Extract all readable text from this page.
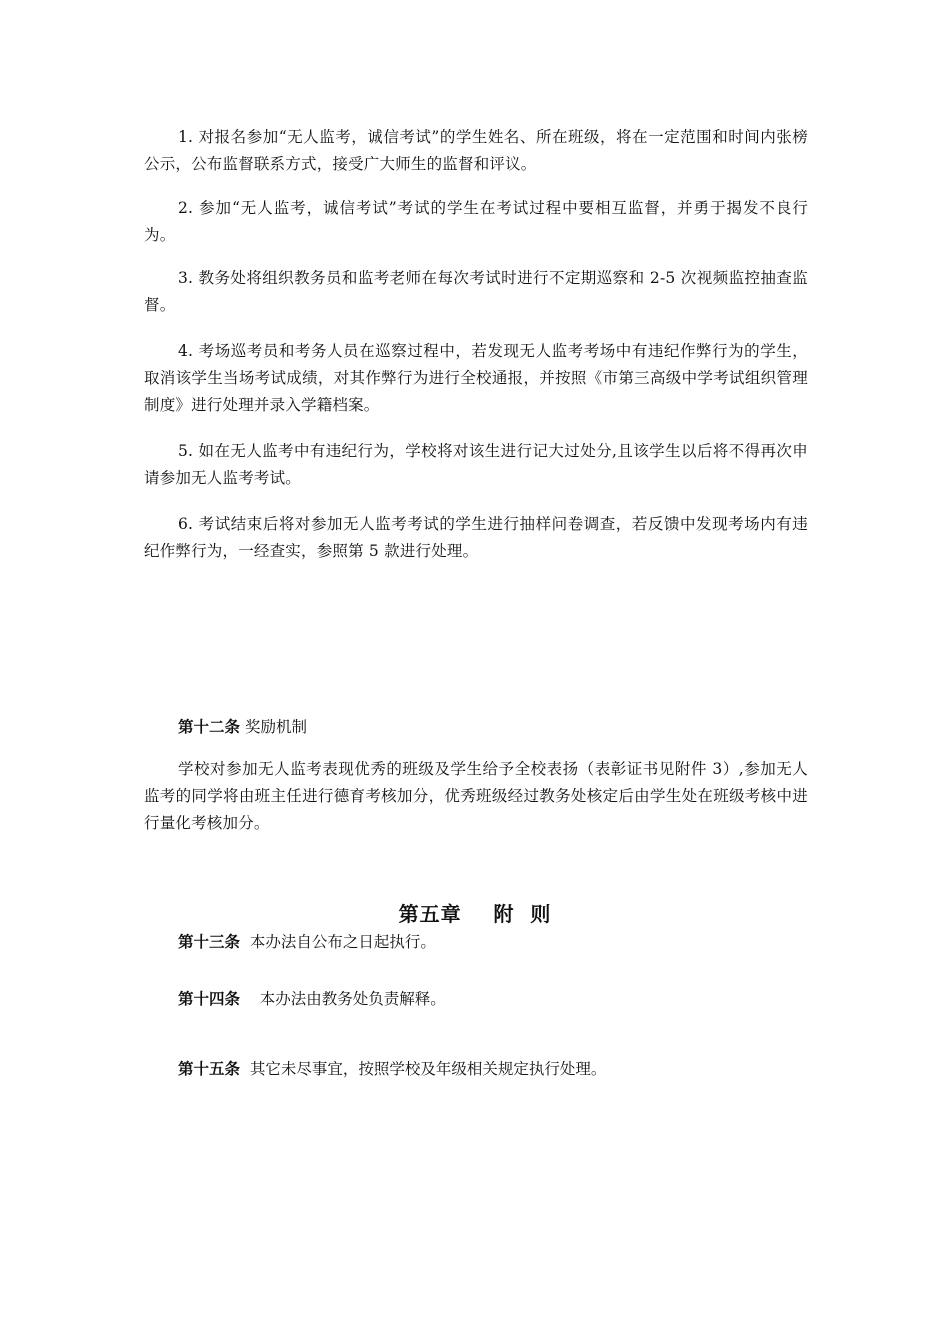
1. 对报名参加“无人监考，诚信考试”的学生姓名、所在班级，将在一定范围和时间内张榜公示，公布监督联系方式，接受广大师生的监督和评议。

2. 参加“无人监考，诚信考试”考试的学生在考试过程中要相互监督，并勇于揭发不良行为。

3. 教务处将组织教务员和监考老师在每次考试时进行不定期巡察和 2-5 次视频监控抽查监督。

4. 考场巡考员和考务人员在巡察过程中，若发现无人监考考场中有违纪作弊行为的学生，取消该学生当场考试成绩，对其作弊行为进行全校通报，并按照《市第三高级中学考试组织管理制度》进行处理并录入学籍档案。

5. 如在无人监考中有违纪行为，学校将对该生进行记大过处分,且该学生以后将不得再次申请参加无人监考考试。

6. 考试结束后将对参加无人监考考试的学生进行抽样问卷调查，若反馈中发现考场内有违纪作弊行为，一经查实，参照第 5 款进行处理。

第十二条 奖励机制

学校对参加无人监考表现优秀的班级及学生给予全校表扬（表彰证书见附件 3）,参加无人监考的同学将由班主任进行德育考核加分，优秀班级经过教务处核定后由学生处在班级考核中进行量化考核加分。

第五章    附  则

第十三条  本办法自公布之日起执行。

第十四条    本办法由教务处负责解释。

第十五条  其它未尽事宜，按照学校及年级相关规定执行处理。
